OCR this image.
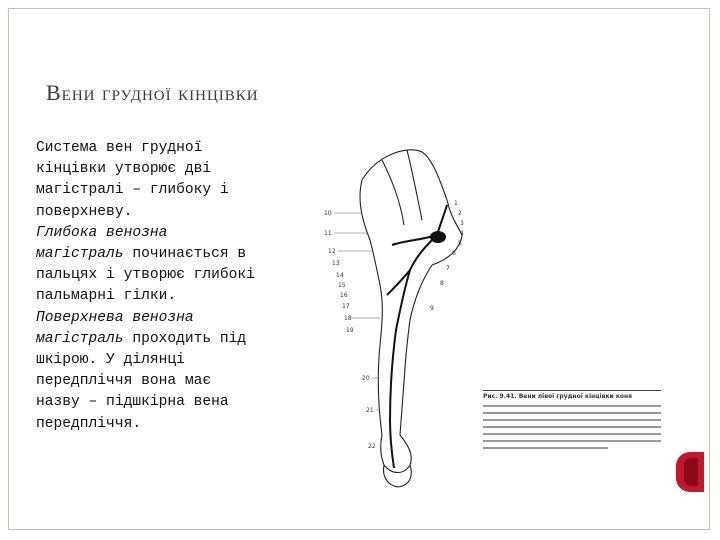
Вени грудної кінцівки
Система вен грудної
кінцівки утворює дві
магістралі – глибоку і
поверхневу.
Глибока венозна
магістраль починається в
пальцях і утворює глибокі
пальмарні гілки.
Поверхнева венозна
магістраль проходить під
шкірою. У ділянці
передпліччя вона має
назву – підшкірна вена
передпліччя.
10
11
12
13
14
15
16
17
18
19
20
21
22
1
2
3
4
5
6
7
8
9
Рис. 9.41. Вени лівої грудної кінцівки коня
